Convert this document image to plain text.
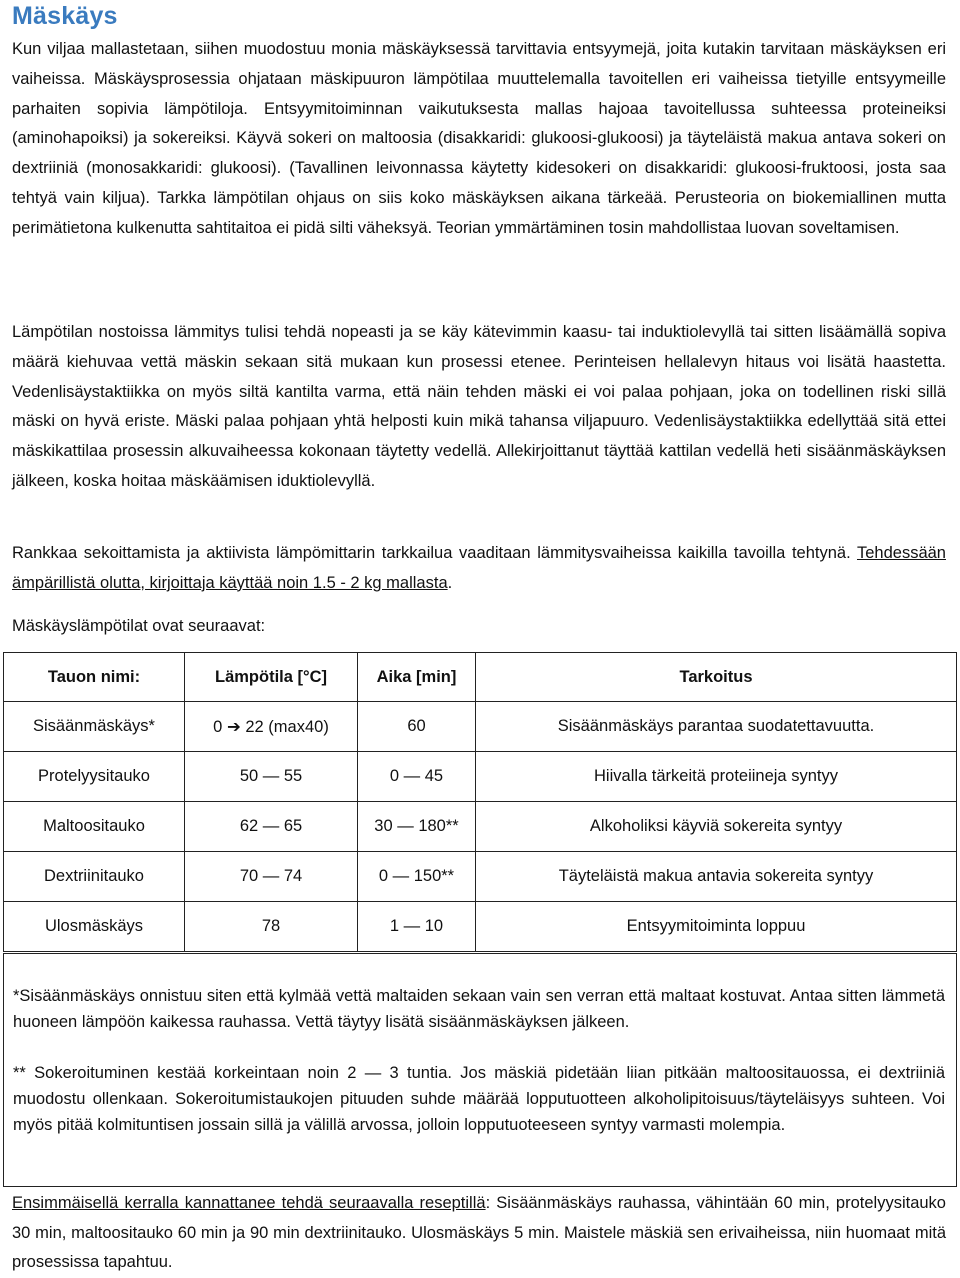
Mäskäys

Kun viljaa mallastetaan, siihen muodostuu monia mäskäyksessä tarvittavia entsyymejä, joita kutakin tarvitaan mäskäyksen eri vaiheissa. Mäskäysprosessia ohjataan mäskipuuron lämpötilaa muuttelemalla tavoitellen eri vaiheissa tietyille entsyymeille parhaiten sopivia lämpötiloja. Entsyymitoiminnan vaikutuksesta mallas hajoaa tavoitellussa suhteessa proteineiksi (aminohapoiksi) ja sokereiksi. Käyvä sokeri on maltoosia (disakkaridi: glukoosi-glukoosi) ja täyteläistä makua antava sokeri on dextriiniä (monosakkaridi: glukoosi). (Tavallinen leivonnassa käytetty kidesokeri on disakkaridi: glukoosi-fruktoosi, josta saa tehtyä vain kiljua). Tarkka lämpötilan ohjaus on siis koko mäskäyksen aikana tärkeää. Perusteoria on biokemiallinen mutta perimätietona kulkenutta sahtitaitoa ei pidä silti väheksyä. Teorian ymmärtäminen tosin mahdollistaa luovan soveltamisen.

Lämpötilan nostoissa lämmitys tulisi tehdä nopeasti ja se käy kätevimmin kaasu- tai induktiolevyllä tai sitten lisäämällä sopiva määrä kiehuvaa vettä mäskin sekaan sitä mukaan kun prosessi etenee. Perinteisen hellalevyn hitaus voi lisätä haastetta. Vedenlisäystaktiikka on myös siltä kantilta varma, että näin tehden mäski ei voi palaa pohjaan, joka on todellinen riski sillä mäski on hyvä eriste. Mäski palaa pohjaan yhtä helposti kuin mikä tahansa viljapuuro. Vedenlisäystaktiikka edellyttää sitä ettei mäskikattilaa prosessin alkuvaiheessa kokonaan täytetty vedellä. Allekirjoittanut täyttää kattilan vedellä heti sisäänmäskäyksen jälkeen, koska hoitaa mäskäämisen iduktiolevyllä.

Rankkaa sekoittamista ja aktiivista lämpömittarin tarkkailua vaaditaan lämmitysvaiheissa kaikilla tavoilla tehtynä. Tehdessään ämpärillistä olutta, kirjoittaja käyttää noin 1.5 - 2 kg mallasta.

Mäskäyslämpötilat ovat seuraavat:

Tauon nimi:	Lämpötila [°C]	Aika [min]	Tarkoitus
Sisäänmäskäys*	0 ➔ 22 (max40)	60	Sisäänmäskäys parantaa suodatettavuutta.
Protelyysitauko	50 — 55	0 — 45	Hiivalla tärkeitä proteiineja syntyy
Maltoositauko	62 — 65	30 — 180**	Alkoholiksi käyviä sokereita syntyy
Dextriinitauko	70 — 74	0 — 150**	Täyteläistä makua antavia sokereita syntyy
Ulosmäskäys	78	1 — 10	Entsyymitoiminta loppuu

*Sisäänmäskäys onnistuu siten että kylmää vettä maltaiden sekaan vain sen verran että maltaat kostuvat. Antaa sitten lämmetä huoneen lämpöön kaikessa rauhassa. Vettä täytyy lisätä sisäänmäskäyksen jälkeen.

** Sokeroituminen kestää korkeintaan noin 2 — 3 tuntia. Jos mäskiä pidetään liian pitkään maltoositauossa, ei dextriiniä muodostu ollenkaan. Sokeroitumistaukojen pituuden suhde määrää lopputuotteen alkoholipitoisuus/täyteläisyys suhteen. Voi myös pitää kolmituntisen jossain sillä ja välillä arvossa, jolloin lopputuoteeseen syntyy varmasti molempia.

Ensimmäisellä kerralla kannattanee tehdä seuraavalla reseptillä: Sisäänmäskäys rauhassa, vähintään 60 min, protelyysitauko 30 min, maltoositauko 60 min ja 90 min dextriinitauko. Ulosmäskäys 5 min. Maistele mäskiä sen erivaiheissa, niin huomaat mitä prosessissa tapahtuu.
